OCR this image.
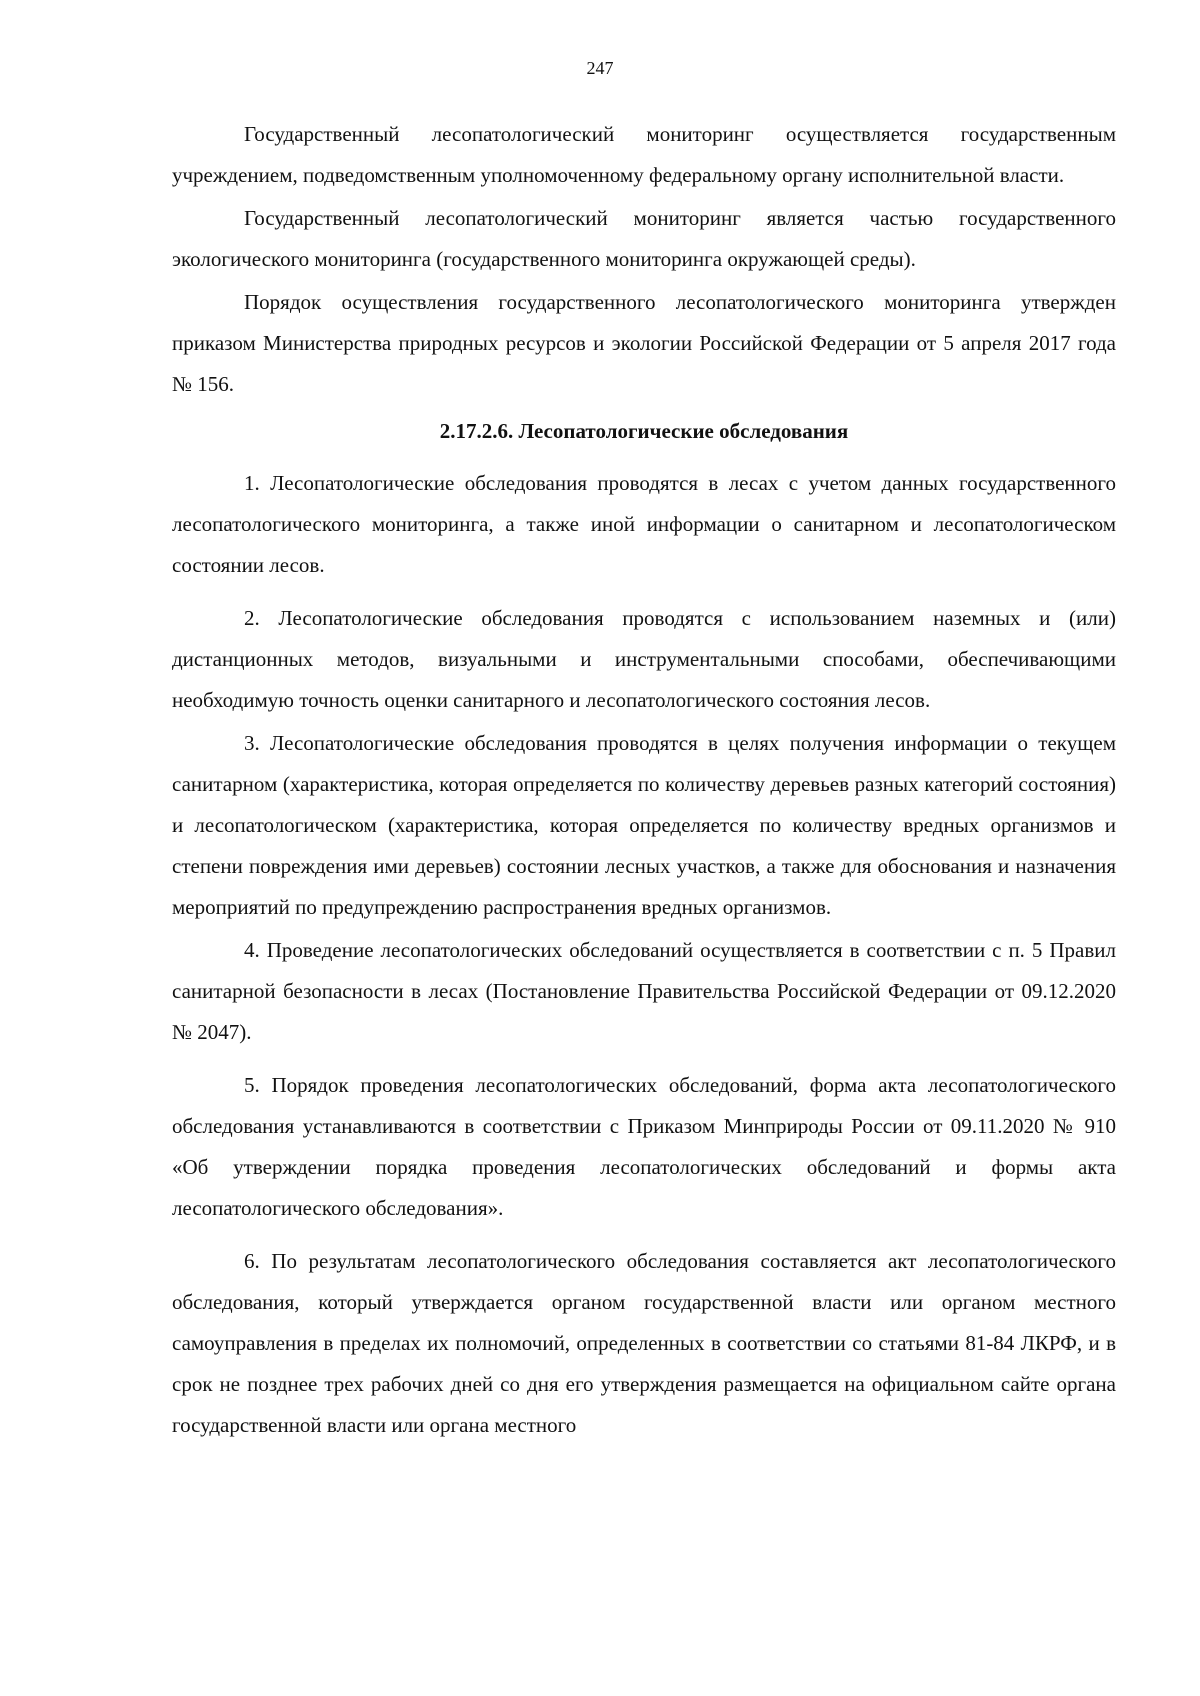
247

Государственный лесопатологический мониторинг осуществляется государственным учреждением, подведомственным уполномоченному федеральному органу исполнительной власти.

Государственный лесопатологический мониторинг является частью государственного экологического мониторинга (государственного мониторинга окружающей среды).

Порядок осуществления государственного лесопатологического мониторинга утвержден приказом Министерства природных ресурсов и экологии Российской Федерации от 5 апреля 2017 года № 156.

2.17.2.6. Лесопатологические обследования

1. Лесопатологические обследования проводятся в лесах с учетом данных государственного лесопатологического мониторинга, а также иной информации о санитарном и лесопатологическом состоянии лесов.

2. Лесопатологические обследования проводятся с использованием наземных и (или) дистанционных методов, визуальными и инструментальными способами, обеспечивающими необходимую точность оценки санитарного и лесопатологического состояния лесов.

3. Лесопатологические обследования проводятся в целях получения информации о текущем санитарном (характеристика, которая определяется по количеству деревьев разных категорий состояния) и лесопатологическом (характеристика, которая определяется по количеству вредных организмов и степени повреждения ими деревьев) состоянии лесных участков, а также для обоснования и назначения мероприятий по предупреждению распространения вредных организмов.

4. Проведение лесопатологических обследований осуществляется в соответствии с п. 5 Правил санитарной безопасности в лесах (Постановление Правительства Российской Федерации от 09.12.2020 № 2047).

5. Порядок проведения лесопатологических обследований, форма акта лесопатологического обследования устанавливаются в соответствии с Приказом Минприроды России от 09.11.2020 № 910 «Об утверждении порядка проведения лесопатологических обследований и формы акта лесопатологического обследования».

6. По результатам лесопатологического обследования составляется акт лесопатологического обследования, который утверждается органом государственной власти или органом местного самоуправления в пределах их полномочий, определенных в соответствии со статьями 81-84 ЛКРФ, и в срок не позднее трех рабочих дней со дня его утверждения размещается на официальном сайте органа государственной власти или органа местного
